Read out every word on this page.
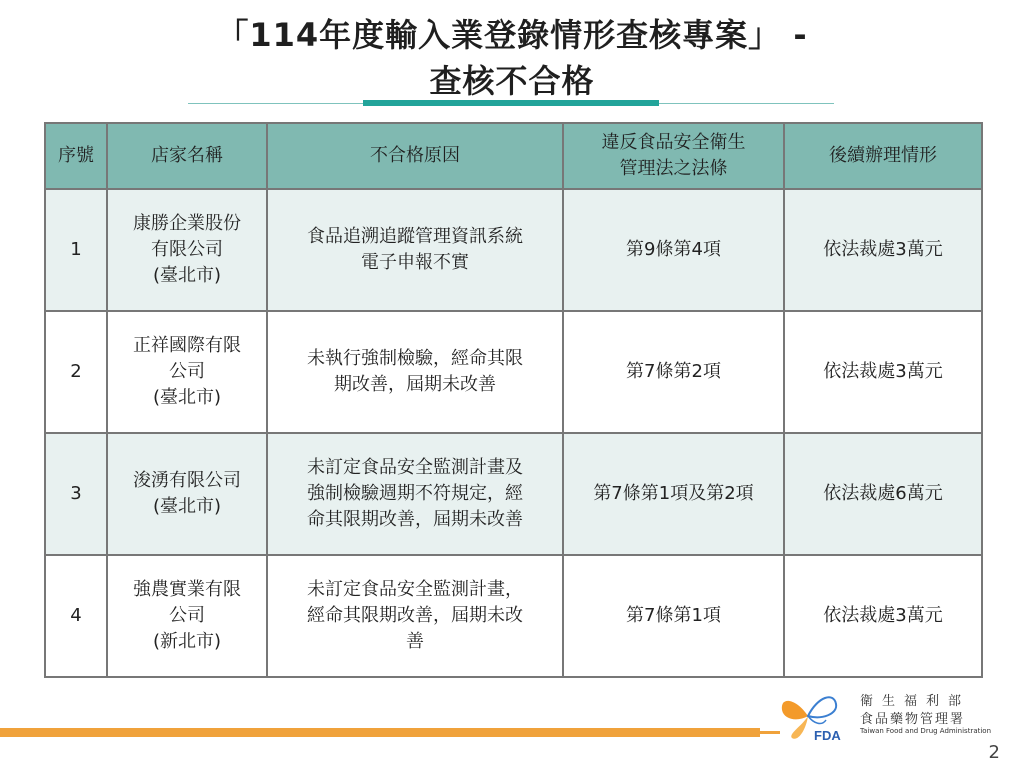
「114年度輸入業登錄情形查核專案」 -
查核不合格
序號	店家名稱	不合格原因	違反食品安全衛生
管理法之法條	後續辦理情形
1	康勝企業股份
有限公司
(臺北市)	食品追溯追蹤管理資訊系統
電子申報不實	第9條第4項	依法裁處3萬元
2	正祥國際有限
公司
(臺北市)	未執行強制檢驗，經命其限
期改善，屆期未改善	第7條第2項	依法裁處3萬元
3	浚湧有限公司
(臺北市)	未訂定食品安全監測計畫及
強制檢驗週期不符規定，經
命其限期改善，屆期未改善	第7條第1項及第2項	依法裁處6萬元
4	強農實業有限
公司
(新北市)	未訂定食品安全監測計畫，
經命其限期改善，屆期未改
善	第7條第1項	依法裁處3萬元
FDA
衛生福利部
食品藥物管理署
Taiwan Food and Drug Administration
2
